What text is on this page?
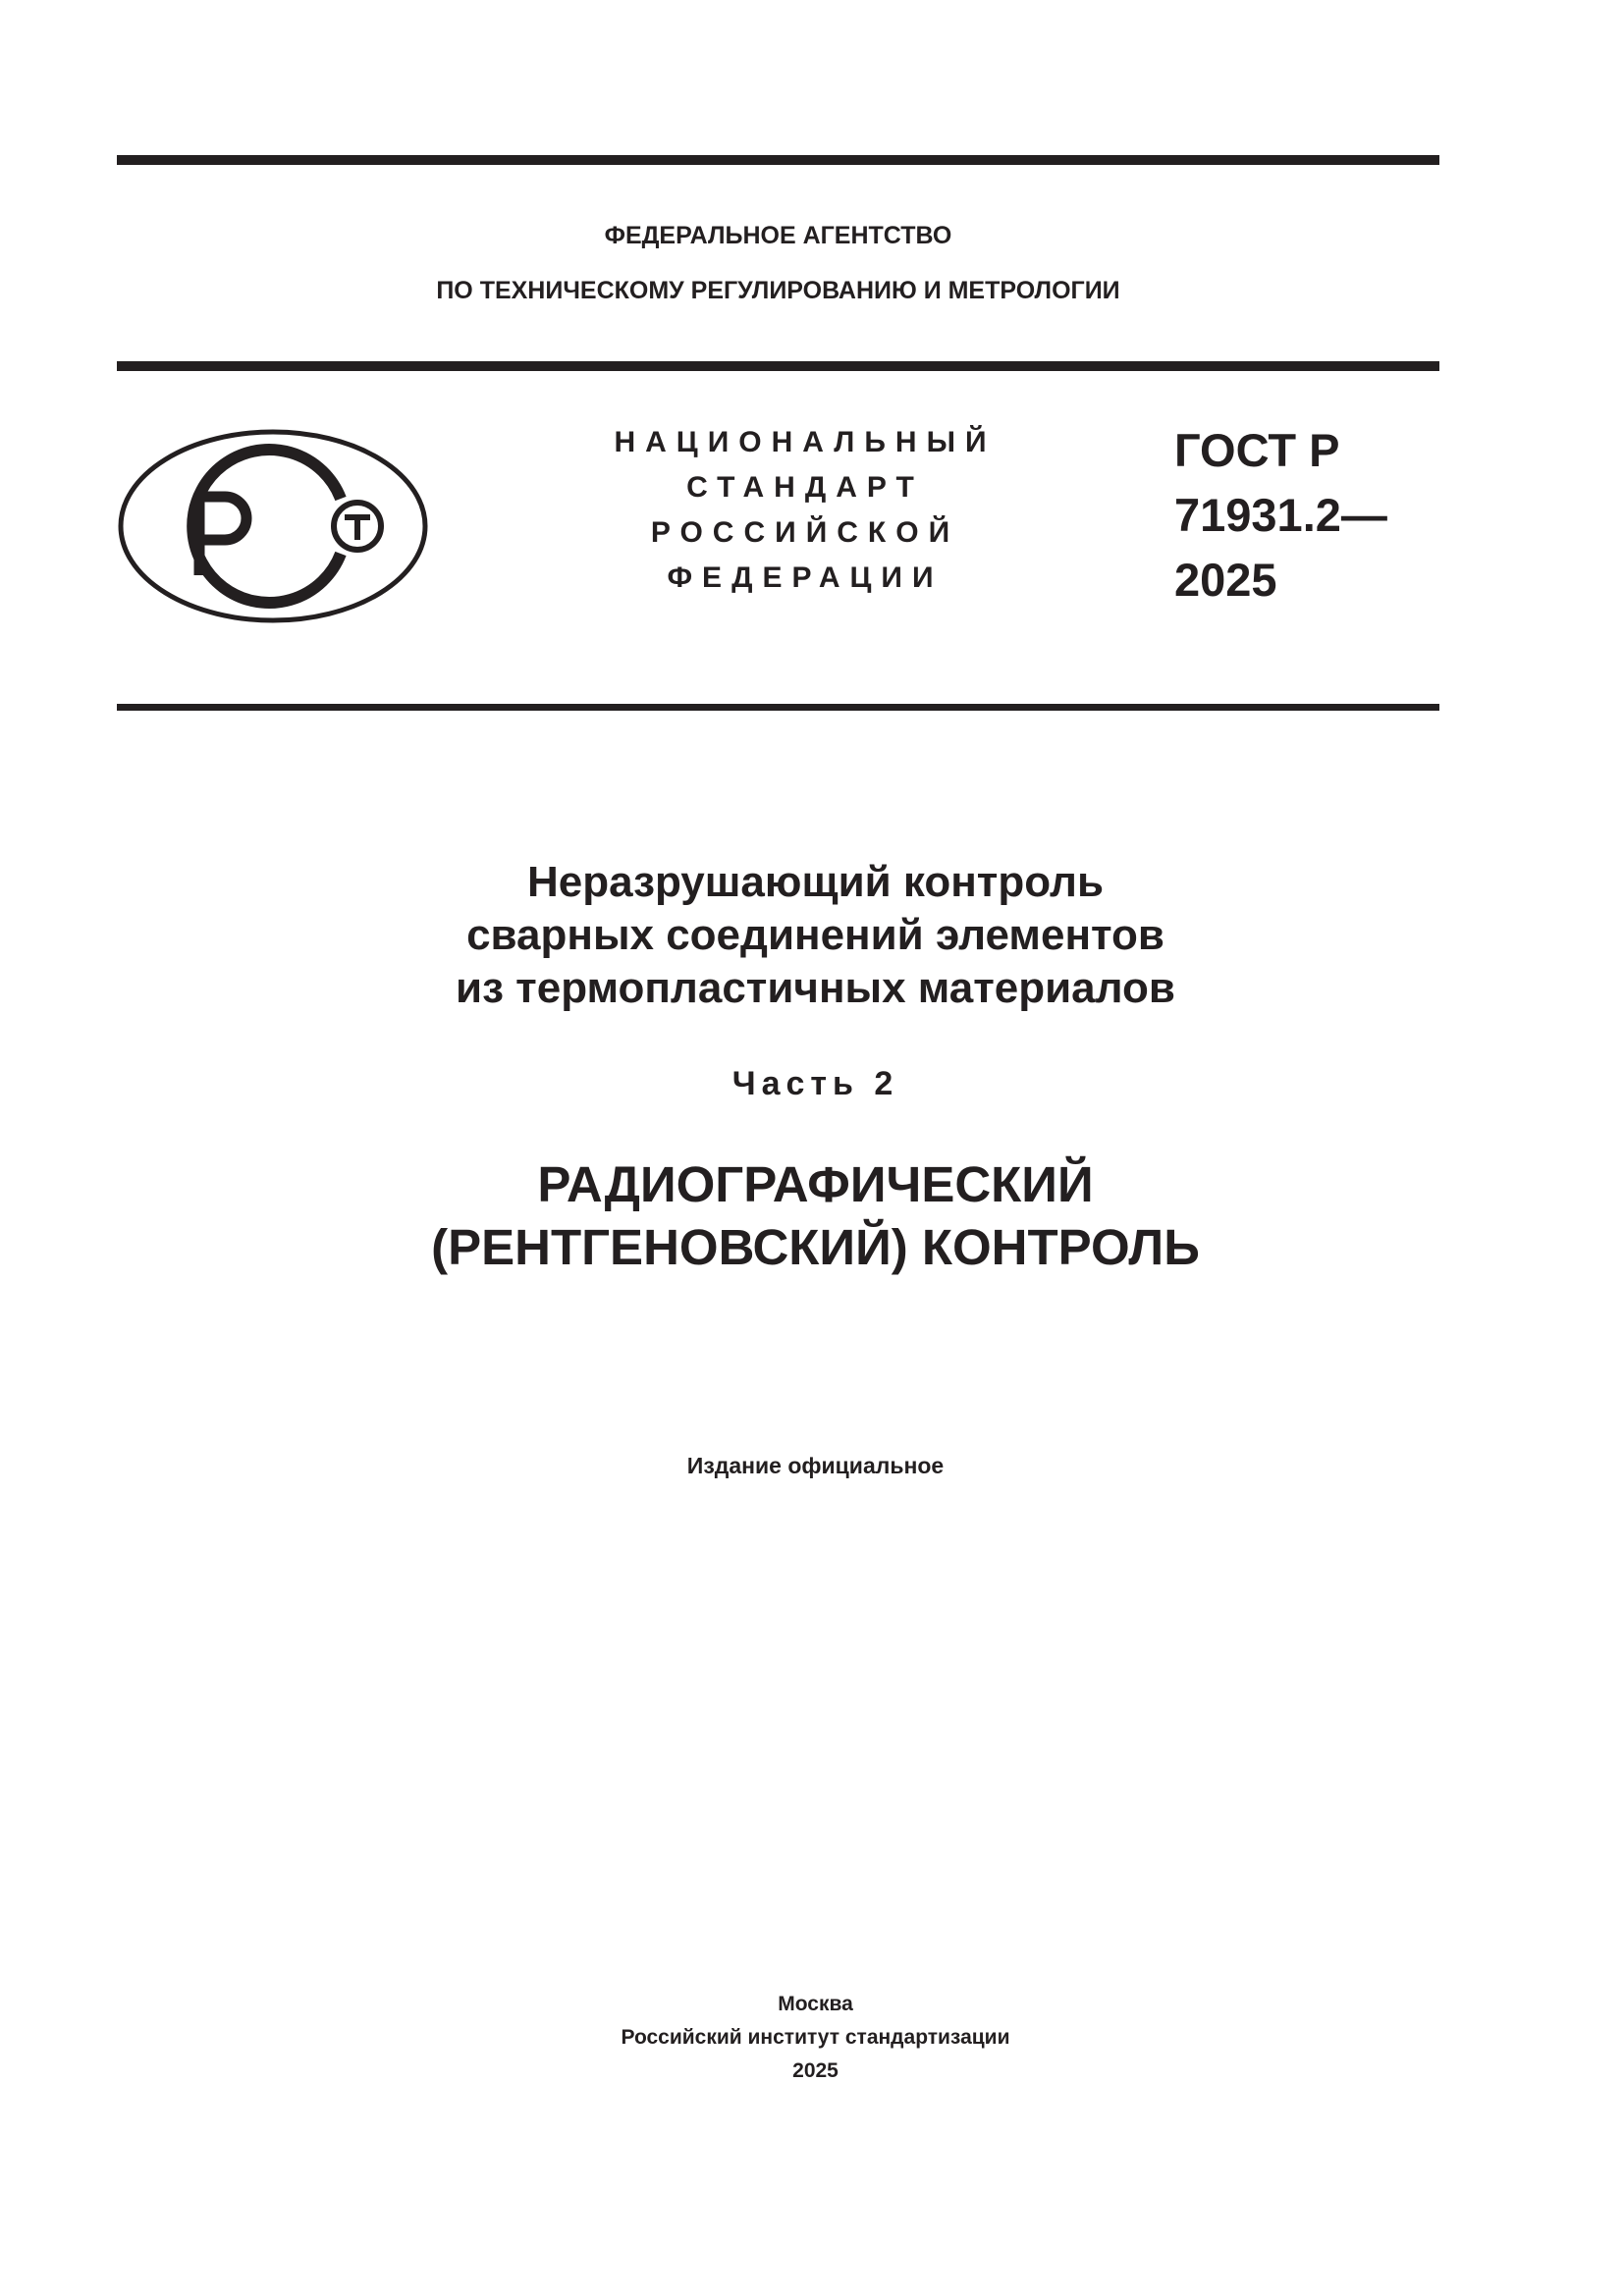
ФЕДЕРАЛЬНОЕ АГЕНТСТВО
ПО ТЕХНИЧЕСКОМУ РЕГУЛИРОВАНИЮ И МЕТРОЛОГИИ
НАЦИОНАЛЬНЫЙ
СТАНДАРТ
РОССИЙСКОЙ
ФЕДЕРАЦИИ
ГОСТ Р
71931.2—
2025
Неразрушающий контроль
сварных соединений элементов
из термопластичных материалов
Часть 2
РАДИОГРАФИЧЕСКИЙ
(РЕНТГЕНОВСКИЙ) КОНТРОЛЬ
Издание официальное
Москва
Российский институт стандартизации
2025
